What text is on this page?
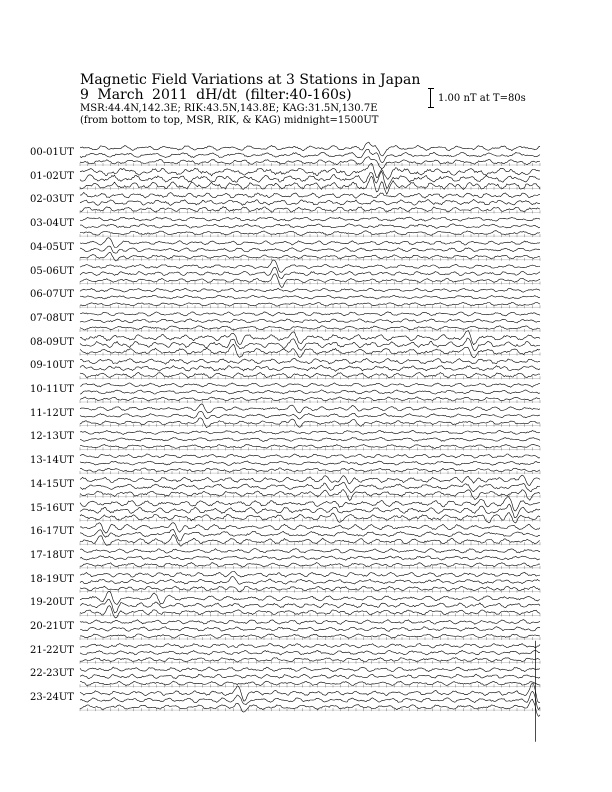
Magnetic Field Variations at 3 Stations in Japan
9 March 2011 dH/dt (filter:40-160s)
MSR:44.4N,142.3E; RIK:43.5N,143.8E; KAG:31.5N,130.7E
(from bottom to top, MSR, RIK, & KAG) midnight=1500UT
1.00 nT at T=80s
00-01UT
01-02UT
02-03UT
03-04UT
04-05UT
05-06UT
06-07UT
07-08UT
08-09UT
09-10UT
10-11UT
11-12UT
12-13UT
13-14UT
14-15UT
15-16UT
16-17UT
17-18UT
18-19UT
19-20UT
20-21UT
21-22UT
22-23UT
23-24UT
